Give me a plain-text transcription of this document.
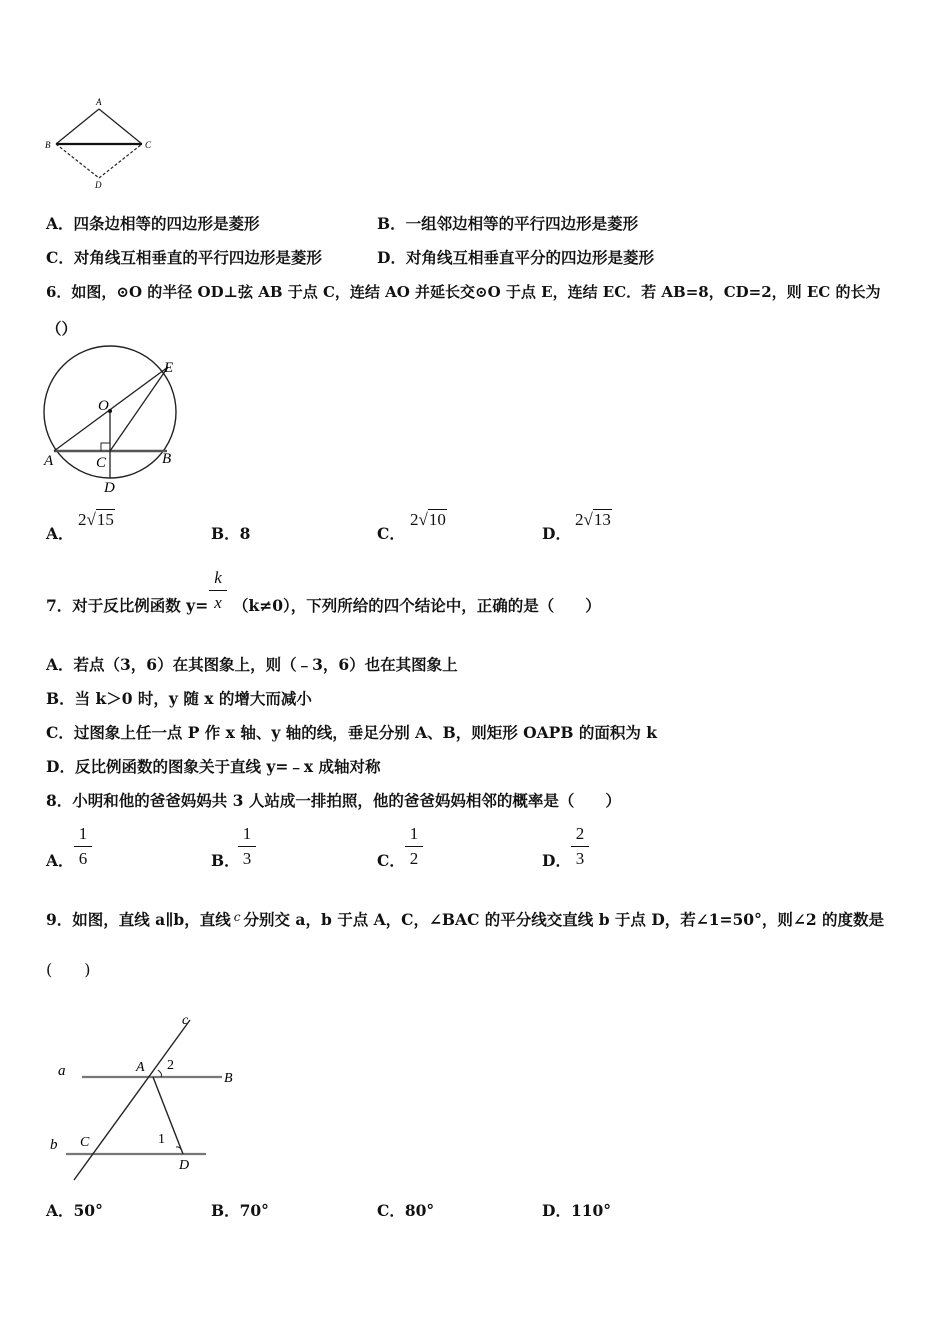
A
B	C
D
A．四条边相等的四边形是菱形	B．一组邻边相等的平行四边形是菱形
C．对角线互相垂直的平行四边形是菱形	D．对角线互相垂直平分的四边形是菱形
6．如图，⊙O 的半径 OD⊥弦 AB 于点 C，连结 AO 并延长交⊙O 于点 E，连结 EC．若 AB=8，CD=2，则 EC 的长为
（）
O
E
A	C	B
D
A．
2√15
B．8	C．
2√10
D．
2√13
7．对于反比例函数 y=
k
x （k≠0），下列所给的四个结论中，正确的是（　　）
A．若点（3，6）在其图象上，则（﹣3，6）也在其图象上
B．当 k＞0 时，y 随 x 的增大而减小
C．过图象上任一点 P 作 x 轴、y 轴的线，垂足分别 A、B，则矩形 OAPB 的面积为 k
D．反比例函数的图象关于直线 y=﹣x 成轴对称
8．小明和他的爸爸妈妈共 3 人站成一排拍照，他的爸爸妈妈相邻的概率是（　　）
A．
1
6	B．
1
3	C．
1
2	D．
2
3
9．如图，直线 a∥b，直线 $^c$ 分别交 a，b 于点 A，C，∠BAC 的平分线交直线 b 于点 D，若∠1=50°，则∠2 的度数是
(　　)
c
a	A 2
B
b C	1
D
A．50°	B．70°	C．80°	D．110°
